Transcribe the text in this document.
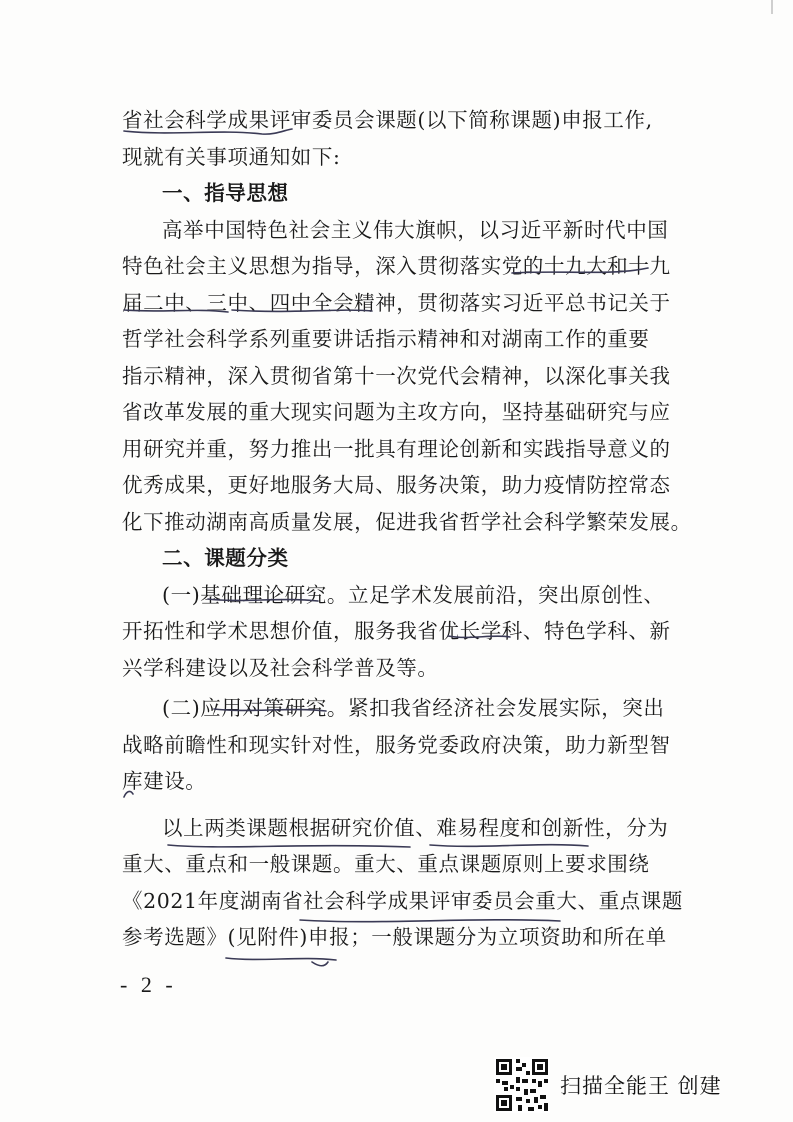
省社会科学成果评审委员会课题(以下简称课题)申报工作,
现就有关事项通知如下:
一、指导思想
高举中国特色社会主义伟大旗帜，以习近平新时代中国
特色社会主义思想为指导，深入贯彻落实党的十九大和十九
届二中、三中、四中全会精神，贯彻落实习近平总书记关于
哲学社会科学系列重要讲话指示精神和对湖南工作的重要
指示精神，深入贯彻省第十一次党代会精神，以深化事关我
省改革发展的重大现实问题为主攻方向，坚持基础研究与应
用研究并重，努力推出一批具有理论创新和实践指导意义的
优秀成果，更好地服务大局、服务决策，助力疫情防控常态
化下推动湖南高质量发展，促进我省哲学社会科学繁荣发展。
二、课题分类
(一)基础理论研究。立足学术发展前沿，突出原创性、
开拓性和学术思想价值，服务我省优长学科、特色学科、新
兴学科建设以及社会科学普及等。
(二)应用对策研究。紧扣我省经济社会发展实际，突出
战略前瞻性和现实针对性，服务党委政府决策，助力新型智
库建设。
以上两类课题根据研究价值、难易程度和创新性，分为
重大、重点和一般课题。重大、重点课题原则上要求围绕
《2021年度湖南省社会科学成果评审委员会重大、重点课题
参考选题》(见附件)申报；一般课题分为立项资助和所在单
- 2 -
扫描全能王 创建
